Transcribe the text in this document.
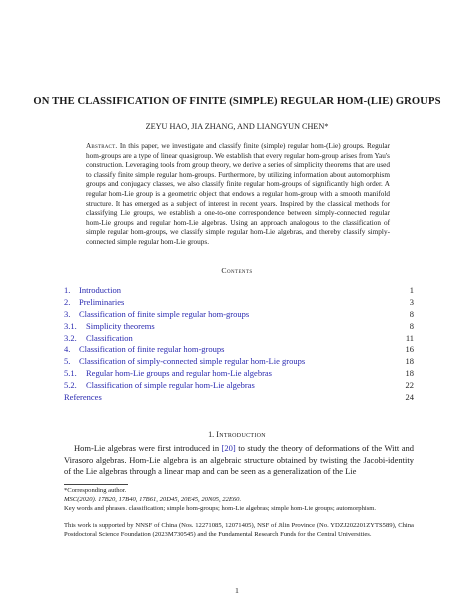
ON THE CLASSIFICATION OF FINITE (SIMPLE) REGULAR HOM-(LIE) GROUPS
ZEYU HAO, JIA ZHANG, AND LIANGYUN CHEN*
Abstract. In this paper, we investigate and classify finite (simple) regular hom-(Lie) groups. Regular hom-groups are a type of linear quasigroup. We establish that every regular hom-group arises from Yau's construction. Leveraging tools from group theory, we derive a series of simplicity theorems that are used to classify finite simple regular hom-groups. Furthermore, by utilizing information about automorphism groups and conjugacy classes, we also classify finite regular hom-groups of significantly high order. A regular hom-Lie group is a geometric object that endows a regular hom-group with a smooth manifold structure. It has emerged as a subject of interest in recent years. Inspired by the classical methods for classifying Lie groups, we establish a one-to-one correspondence between simply-connected regular hom-Lie groups and regular hom-Lie algebras. Using an approach analogous to the classification of simple regular hom-groups, we classify simple regular hom-Lie algebras, and thereby classify simply-connected simple regular hom-Lie groups.
Contents
1. Introduction	1
2. Preliminaries	3
3. Classification of finite simple regular hom-groups	8
3.1. Simplicity theorems	8
3.2. Classification	11
4. Classification of finite regular hom-groups	16
5. Classification of simply-connected simple regular hom-Lie groups	18
5.1. Regular hom-Lie groups and regular hom-Lie algebras	18
5.2. Classification of simple regular hom-Lie algebras	22
References	24
1. Introduction
Hom-Lie algebras were first introduced in [20] to study the theory of deformations of the Witt and Virasoro algebras. Hom-Lie algebra is an algebraic structure obtained by twisting the Jacobi-identity of the Lie algebras through a linear map and can be seen as a generalization of the Lie
*Corresponding author.
MSC(2020). 17B20, 17B40, 17B61, 20D45, 20E45, 20N05, 22E60.
Key words and phrases. classification; simple hom-groups; hom-Lie algebras; simple hom-Lie groups; automorphism.
This work is supported by NNSF of China (Nos. 12271085, 12071405), NSF of Jilin Province (No. YDZJ202201ZYTS589), China Postdoctoral Science Foundation (2023M730545) and the Fundamental Research Funds for the Central Universities.
1
